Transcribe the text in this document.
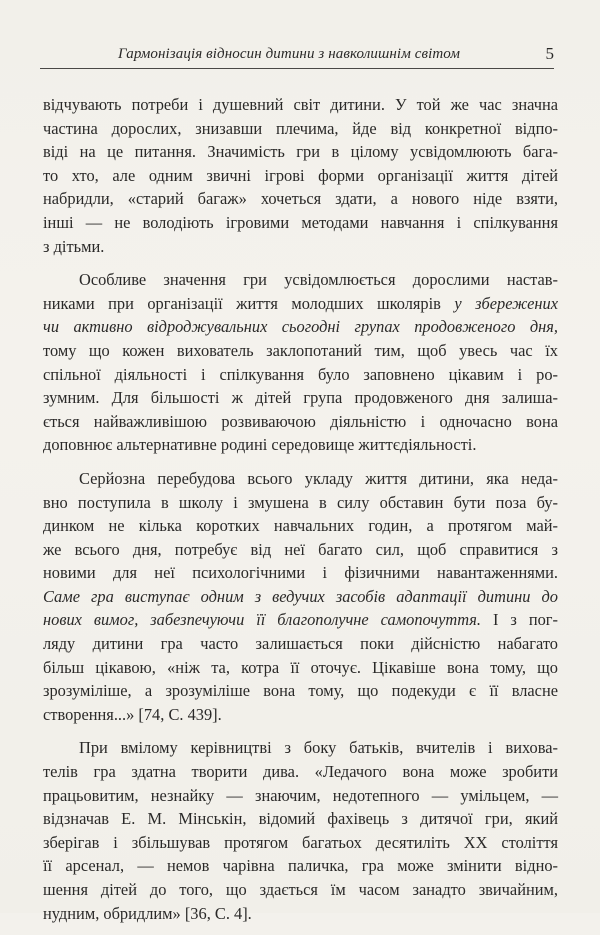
Гармонізація відносин дитини з навколишнім світом	5
відчувають потреби і душевний світ дитини. У той же час значна
частина дорослих, знизавши плечима, йде від конкретної відпо-
віді на це питання. Значимість гри в цілому усвідомлюють бага-
то хто, але одним звичні ігрові форми організації життя дітей
набридли, «старий багаж» хочеться здати, а нового ніде взяти,
інші — не володіють ігровими методами навчання і спілкування
з дітьми.
Особливе значення гри усвідомлюється дорослими настав-
никами при організації життя молодших школярів у збережених
чи активно відроджувальних сьогодні групах продовженого дня,
тому що кожен вихователь заклопотаний тим, щоб увесь час їх
спільної діяльності і спілкування було заповнено цікавим і ро-
зумним. Для більшості ж дітей група продовженого дня залиша-
ється найважливішою розвиваючою діяльністю і одночасно вона
доповнює альтернативне родині середовище життєдіяльності.
Серйозна перебудова всього укладу життя дитини, яка неда-
вно поступила в школу і змушена в силу обставин бути поза бу-
динком не кілька коротких навчальних годин, а протягом май-
же всього дня, потребує від неї багато сил, щоб справитися з
новими для неї психологічними і фізичними навантаженнями.
Саме гра виступає одним з ведучих засобів адаптації дитини до
нових вимог, забезпечуючи її благополучне самопочуття. І з пог-
ляду дитини гра часто залишається поки дійсністю набагато
більш цікавою, «ніж та, котра її оточує. Цікавіше вона тому, що
зрозуміліше, а зрозуміліше вона тому, що подекуди є її власне
створення...» [74, С. 439].
При вмілому керівництві з боку батьків, вчителів і вихова-
телів гра здатна творити дива. «Ледачого вона може зробити
працьовитим, незнайку — знаючим, недотепного — умільцем, —
відзначав Е. М. Мінськін, відомий фахівець з дитячої гри, який
зберігав і збільшував протягом багатьох десятиліть ХХ століття
її арсенал, — немов чарівна паличка, гра може змінити відно-
шення дітей до того, що здається їм часом занадто звичайним,
нудним, обридлим» [36, С. 4].
